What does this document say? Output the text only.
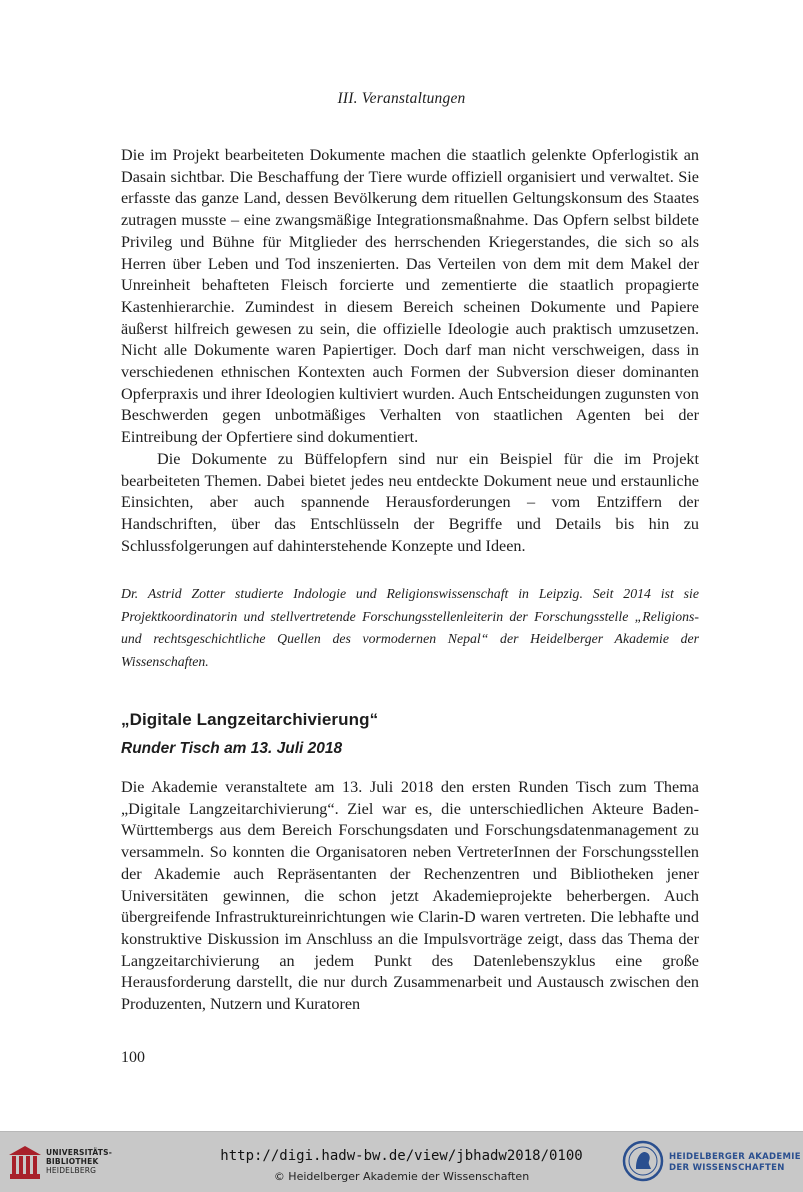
III. Veranstaltungen

Die im Projekt bearbeiteten Dokumente machen die staatlich gelenkte Opferlogistik an Dasain sichtbar. Die Beschaffung der Tiere wurde offiziell organisiert und verwaltet. Sie erfasste das ganze Land, dessen Bevölkerung dem rituellen Geltungskonsum des Staates zutragen musste – eine zwangsmäßige Integrationsmaßnahme. Das Opfern selbst bildete Privileg und Bühne für Mitglieder des herrschenden Kriegerstandes, die sich so als Herren über Leben und Tod inszenierten. Das Verteilen von dem mit dem Makel der Unreinheit behafteten Fleisch forcierte und zementierte die staatlich propagierte Kastenhierarchie. Zumindest in diesem Bereich scheinen Dokumente und Papiere äußerst hilfreich gewesen zu sein, die offizielle Ideologie auch praktisch umzusetzen. Nicht alle Dokumente waren Papiertiger. Doch darf man nicht verschweigen, dass in verschiedenen ethnischen Kontexten auch Formen der Subversion dieser dominanten Opferpraxis und ihrer Ideologien kultiviert wurden. Auch Entscheidungen zugunsten von Beschwerden gegen unbotmäßiges Verhalten von staatlichen Agenten bei der Eintreibung der Opfertiere sind dokumentiert.

Die Dokumente zu Büffelopfern sind nur ein Beispiel für die im Projekt bearbeiteten Themen. Dabei bietet jedes neu entdeckte Dokument neue und erstaunliche Einsichten, aber auch spannende Herausforderungen – vom Entziffern der Handschriften, über das Entschlüsseln der Begriffe und Details bis hin zu Schlussfolgerungen auf dahinterstehende Konzepte und Ideen.

Dr. Astrid Zotter studierte Indologie und Religionswissenschaft in Leipzig. Seit 2014 ist sie Projektkoordinatorin und stellvertretende Forschungsstellenleiterin der Forschungsstelle „Religions- und rechtsgeschichtliche Quellen des vormodernen Nepal“ der Heidelberger Akademie der Wissenschaften.

„Digitale Langzeitarchivierung“
Runder Tisch am 13. Juli 2018

Die Akademie veranstaltete am 13. Juli 2018 den ersten Runden Tisch zum Thema „Digitale Langzeitarchivierung“. Ziel war es, die unterschiedlichen Akteure Baden-Württembergs aus dem Bereich Forschungsdaten und Forschungsdatenmanagement zu versammeln. So konnten die Organisatoren neben VertreterInnen der Forschungsstellen der Akademie auch Repräsentanten der Rechenzentren und Bibliotheken jener Universitäten gewinnen, die schon jetzt Akademieprojekte beherbergen. Auch übergreifende Infrastruktureinrichtungen wie Clarin-D waren vertreten. Die lebhafte und konstruktive Diskussion im Anschluss an die Impulsvorträge zeigt, dass das Thema der Langzeitarchivierung an jedem Punkt des Datenlebenszyklus eine große Herausforderung darstellt, die nur durch Zusammenarbeit und Austausch zwischen den Produzenten, Nutzern und Kuratoren

100
UNIVERSITÄTS-
BIBLIOTHEK
HEIDELBERG
http://digi.hadw-bw.de/view/jbhadw2018/0100
© Heidelberger Akademie der Wissenschaften
HEIDELBERGER AKADEMIE
DER WISSENSCHAFTEN
